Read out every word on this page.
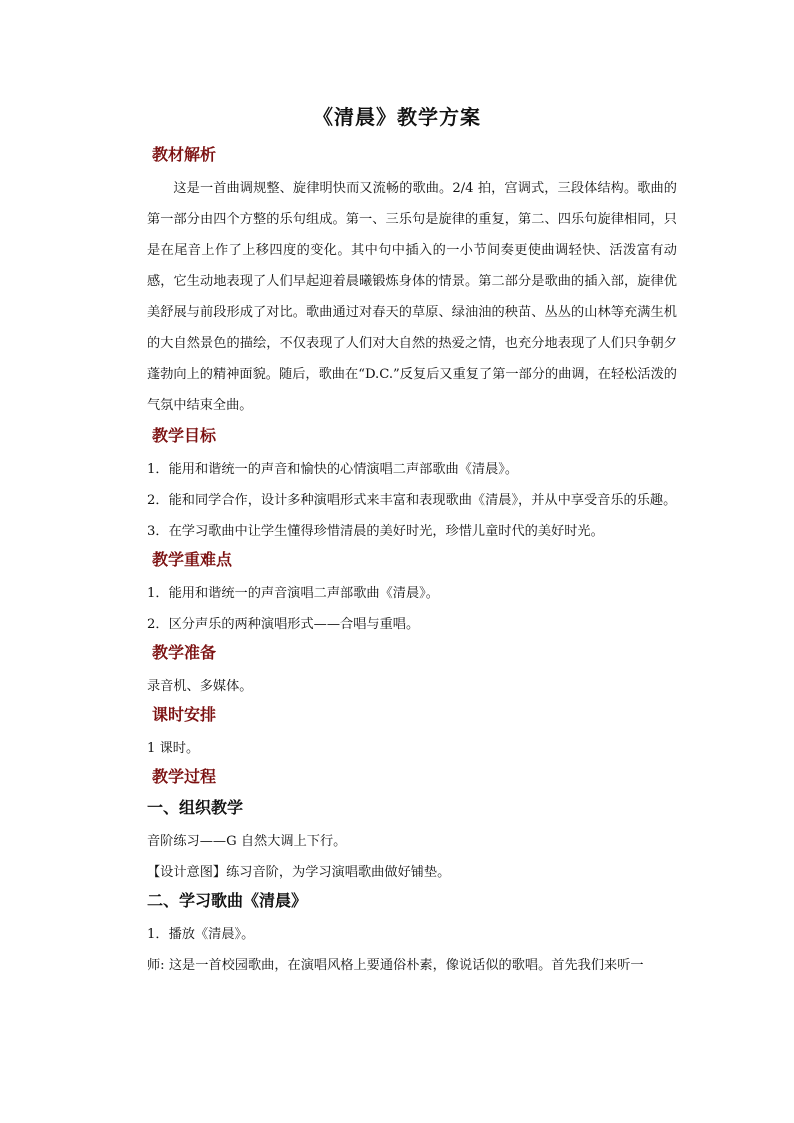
《清晨》教学方案
教材解析

这是一首曲调规整、旋律明快而又流畅的歌曲。2/4 拍，宫调式，三段体结构。歌曲的第一部分由四个方整的乐句组成。第一、三乐句是旋律的重复，第二、四乐句旋律相同，只是在尾音上作了上移四度的变化。其中句中插入的一小节间奏更使曲调轻快、活泼富有动感，它生动地表现了人们早起迎着晨曦锻炼身体的情景。第二部分是歌曲的插入部，旋律优美舒展与前段形成了对比。歌曲通过对春天的草原、绿油油的秧苗、丛丛的山林等充满生机的大自然景色的描绘，不仅表现了人们对大自然的热爱之情，也充分地表现了人们只争朝夕蓬勃向上的精神面貌。随后，歌曲在“D.C.”反复后又重复了第一部分的曲调，在轻松活泼的气氛中结束全曲。

教学目标

1．能用和谐统一的声音和愉快的心情演唱二声部歌曲《清晨》。

2．能和同学合作，设计多种演唱形式来丰富和表现歌曲《清晨》，并从中享受音乐的乐趣。

3．在学习歌曲中让学生懂得珍惜清晨的美好时光，珍惜儿童时代的美好时光。

教学重难点

1．能用和谐统一的声音演唱二声部歌曲《清晨》。

2．区分声乐的两种演唱形式——合唱与重唱。

教学准备

录音机、多媒体。

课时安排

1 课时。

教学过程
一、组织教学

音阶练习——G 自然大调上下行。

【设计意图】练习音阶，为学习演唱歌曲做好铺垫。

二、学习歌曲《清晨》

1．播放《清晨》。

师: 这是一首校园歌曲，在演唱风格上要通俗朴素，像说话似的歌唱。首先我们来听一
